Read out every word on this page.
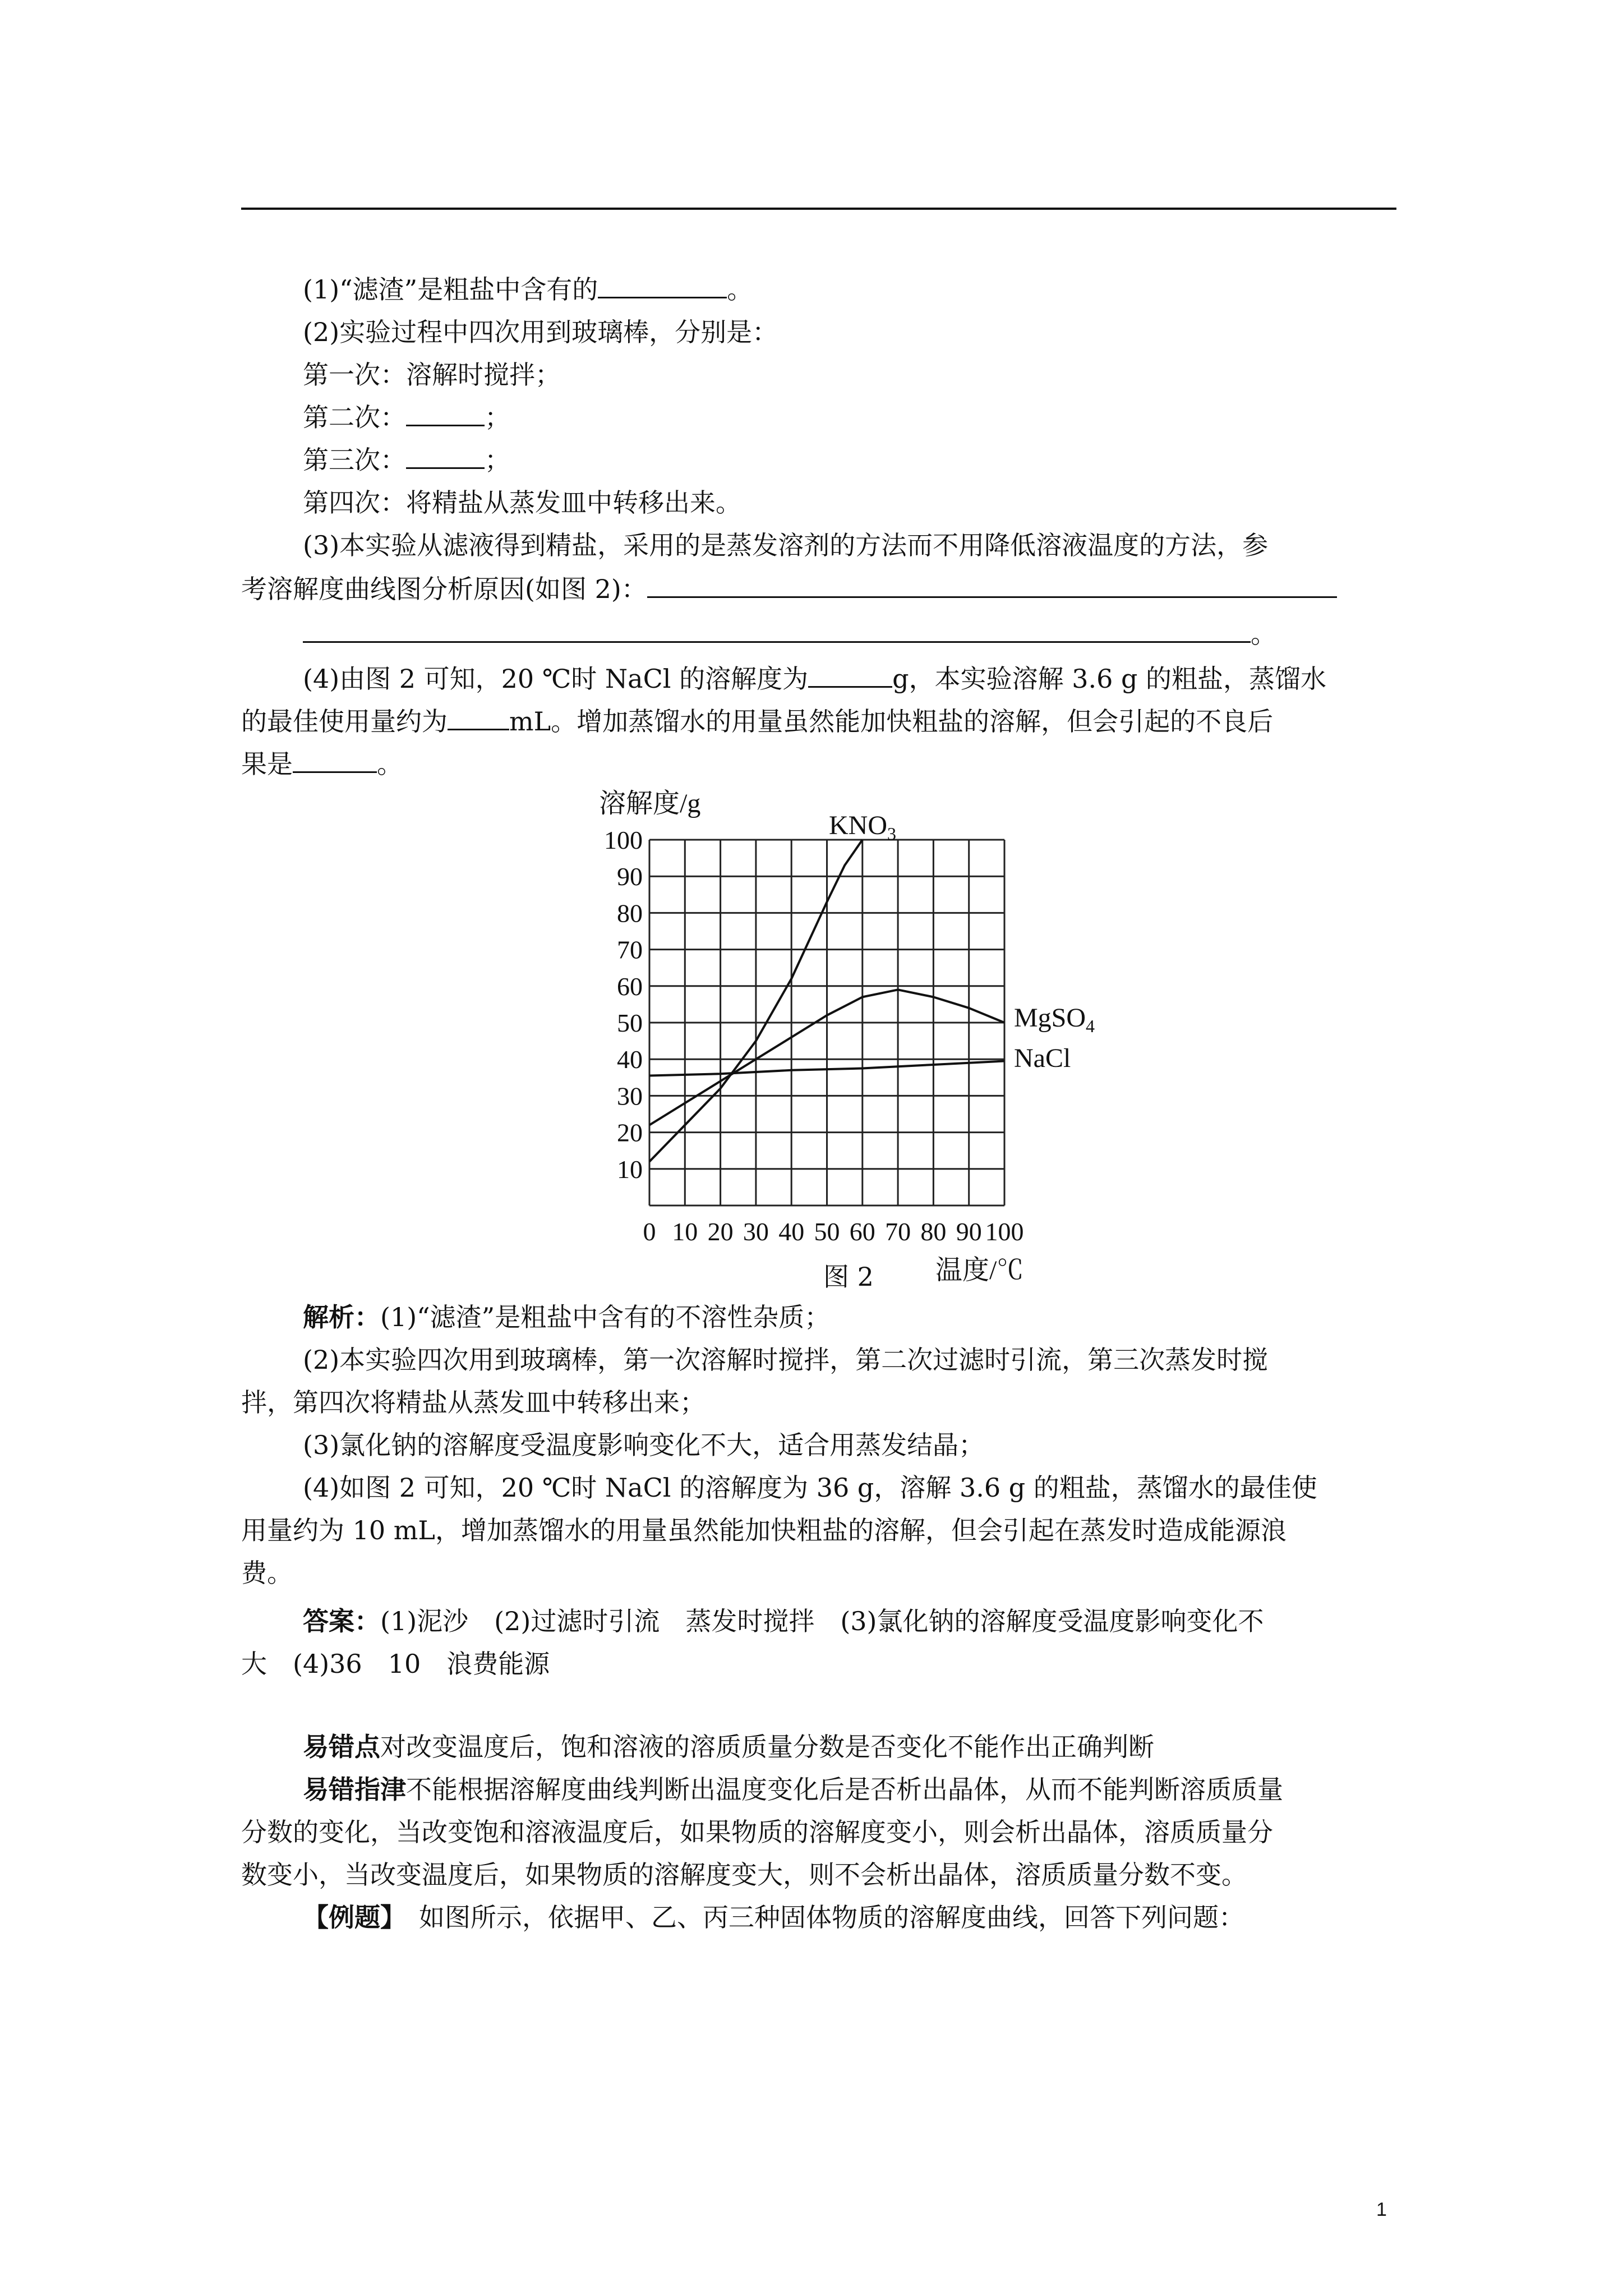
(1)“滤渣”是粗盐中含有的	。
(2)实验过程中四次用到玻璃棒，分别是：
第一次：溶解时搅拌；
第二次：	；
第三次：	；
第四次：将精盐从蒸发皿中转移出来。
(3)本实验从滤液得到精盐，采用的是蒸发溶剂的方法而不用降低溶液温度的方法，参
考溶解度曲线图分析原因(如图 2)：
。
(4)由图 2 可知，20 ℃时 NaCl 的溶解度为	g，本实验溶解 3.6 g 的粗盐，蒸馏水
的最佳使用量约为 mL。增加蒸馏水的用量虽然能加快粗盐的溶解，但会引起的不良后
果是	。
0 10 20 30 40 50 60 70 80 90 100
10
20
30
40
50
60
70
80
90
100
溶解度/g
温度/℃
$KNO_3$
MgSO$_4$
NaCl
图 2
解析：(1)“滤渣”是粗盐中含有的不溶性杂质；
(2)本实验四次用到玻璃棒，第一次溶解时搅拌，第二次过滤时引流，第三次蒸发时搅
拌，第四次将精盐从蒸发皿中转移出来；
(3)氯化钠的溶解度受温度影响变化不大，适合用蒸发结晶；
(4)如图 2 可知，20 ℃时 NaCl 的溶解度为 36 g，溶解 3.6 g 的粗盐，蒸馏水的最佳使
用量约为 10 mL，增加蒸馏水的用量虽然能加快粗盐的溶解，但会引起在蒸发时造成能源浪
费。
答案：(1)泥沙　(2)过滤时引流　蒸发时搅拌　(3)氯化钠的溶解度受温度影响变化不
大　(4)36　10　浪费能源
易错点对改变温度后，饱和溶液的溶质质量分数是否变化不能作出正确判断
易错指津不能根据溶解度曲线判断出温度变化后是否析出晶体，从而不能判断溶质质量
分数的变化，当改变饱和溶液温度后，如果物质的溶解度变小，则会析出晶体，溶质质量分
数变小，当改变温度后，如果物质的溶解度变大，则不会析出晶体，溶质质量分数不变。
【例题】　如图所示，依据甲、乙、丙三种固体物质的溶解度曲线，回答下列问题：
1
